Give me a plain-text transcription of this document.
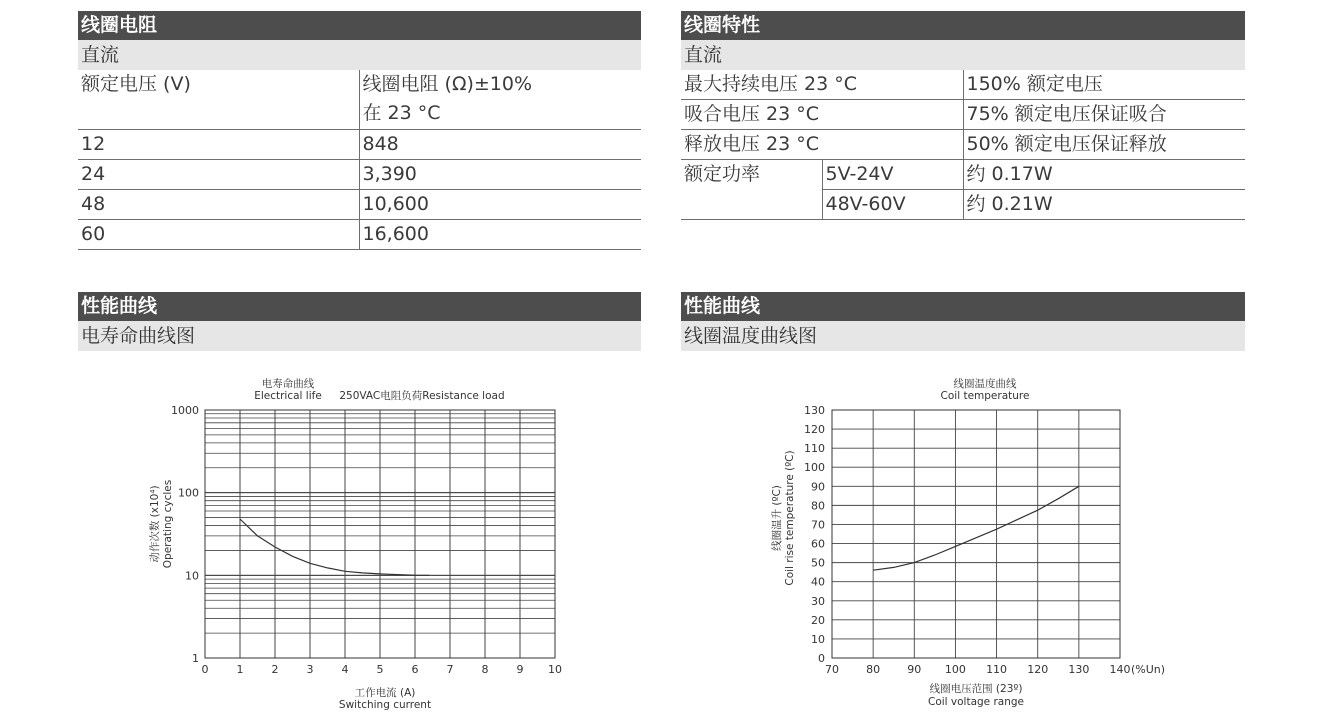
线圈电阻
直流
额定电压 (V)	线圈电阻 (Ω)±10%
在 23 °C

12	848
24	3,390
48	10,600
60	16,600
线圈特性
直流
最大持续电压 23 °C		150% 额定电压
吸合电压 23 °C		75% 额定电压保证吸合
释放电压 23 °C		50% 额定电压保证释放
额定功率	5V-24V	约 0.17W
	48V-60V	约 0.21W
性能曲线
电寿命曲线图
性能曲线
线圈温度曲线图
0	1	2	3	4	5	6	7	8	9 10
1
10
100
1000
电寿命曲线
Electrical life 250VAC电阻负荷Resistance load
工作电流 (A)
Switching current
动作次数 (x10⁴) Operating cycles
0
10
20
30
40
50
60
70
80
90
100
110
120
130
70 80 90 100 110 120 130 140 (%Un)
线圈温度曲线
Coil temperature
线圈电压范围 (23º)
Coil voltage range
线圈温升 (ºC) Coil rise temperature (ºC)
